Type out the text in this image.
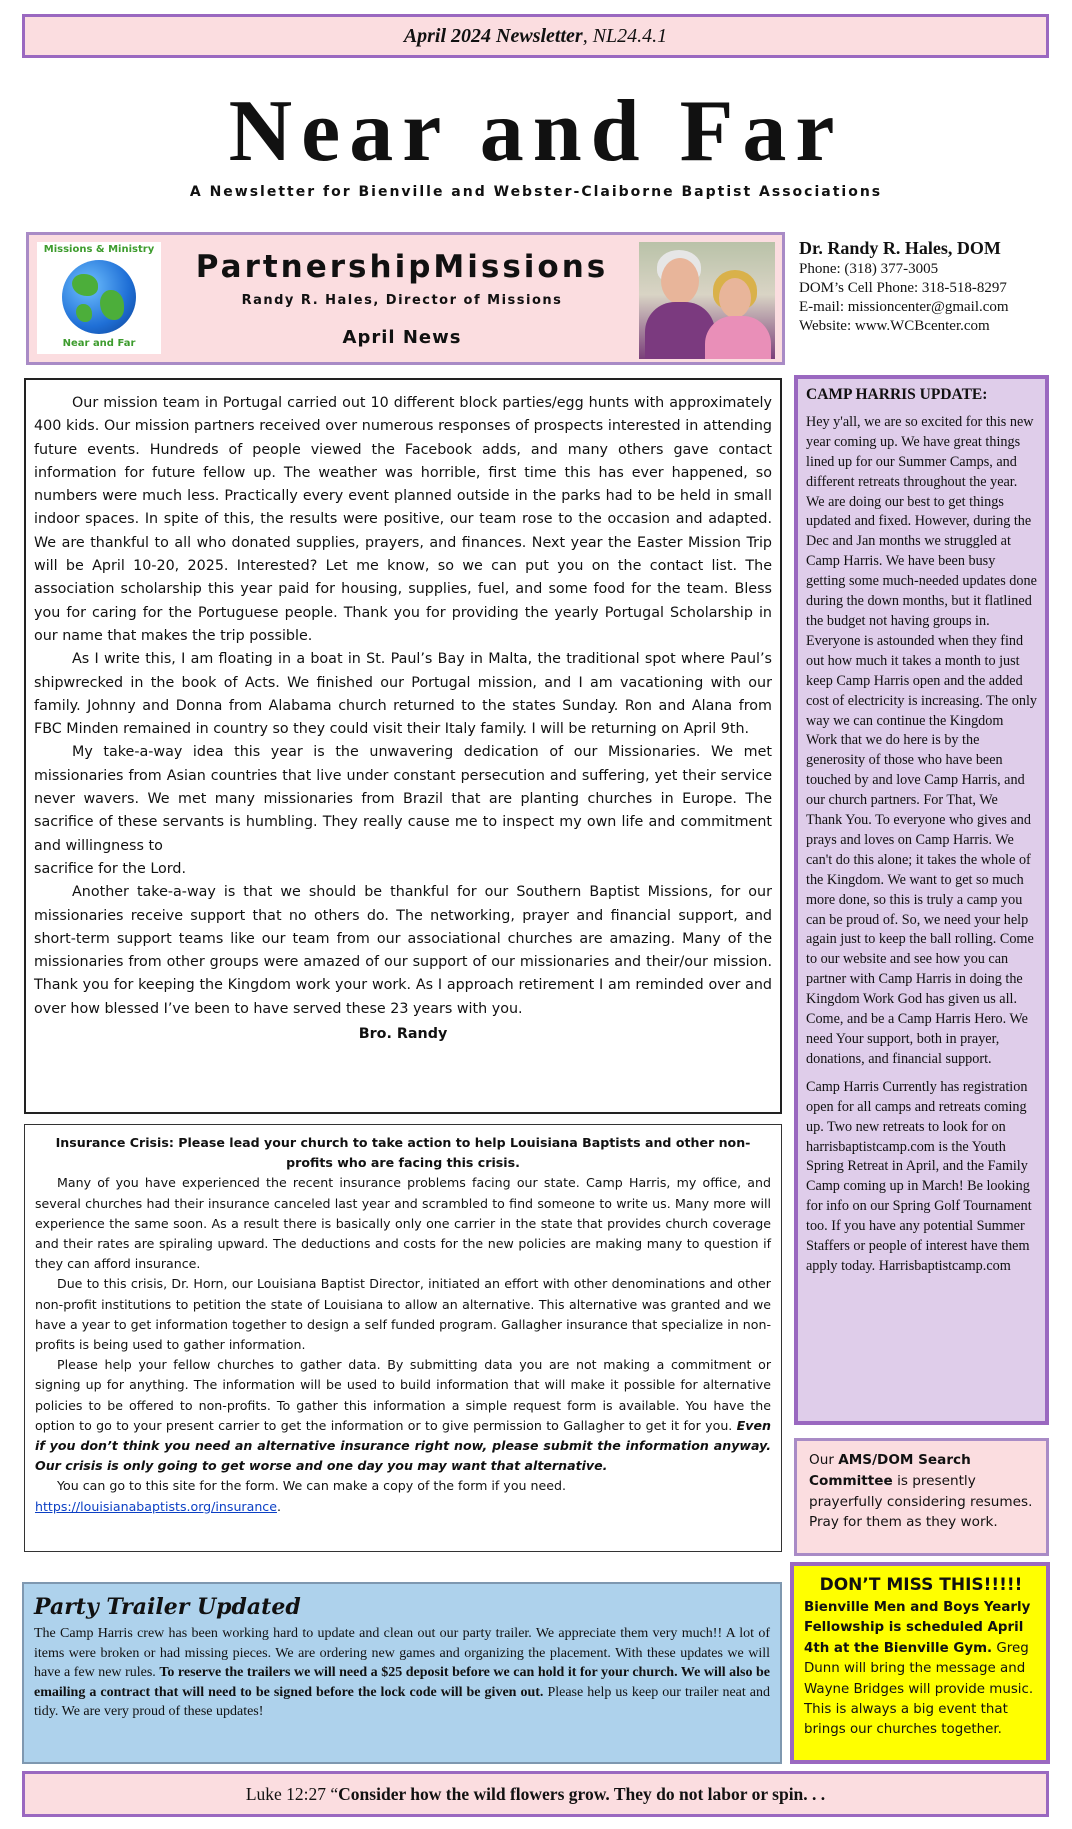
April 2024 Newsletter, NL24.4.1
Near and Far
A Newsletter for Bienville and Webster-Claiborne Baptist Associations
Missions & Ministry
Near and Far
PartnershipMissions
Randy R. Hales, Director of Missions
April News
Dr. Randy R. Hales, DOM
Phone: (318) 377-3005
DOM’s Cell Phone: 318-518-8297
E-mail: missioncenter@gmail.com
Website: www.WCBcenter.com

Our mission team in Portugal carried out 10 different block parties/egg hunts with approximately 400 kids. Our mission partners received over numerous responses of prospects interested in attending future events. Hundreds of people viewed the Facebook adds, and many others gave contact information for future fellow up. The weather was horrible, first time this has ever happened, so numbers were much less. Practically every event planned outside in the parks had to be held in small indoor spaces. In spite of this, the results were positive, our team rose to the occasion and adapted. We are thankful to all who donated supplies, prayers, and finances. Next year the Easter Mission Trip will be April 10-20, 2025. Interested? Let me know, so we can put you on the contact list. The association scholarship this year paid for housing, supplies, fuel, and some food for the team. Bless you for caring for the Portuguese people. Thank you for providing the yearly Portugal Scholarship in our name that makes the trip possible.

As I write this, I am floating in a boat in St. Paul’s Bay in Malta, the traditional spot where Paul’s shipwrecked in the book of Acts. We finished our Portugal mission, and I am vacationing with our family. Johnny and Donna from Alabama church returned to the states Sunday. Ron and Alana from FBC Minden remained in country so they could visit their Italy family. I will be returning on April 9th.

My take-a-way idea this year is the unwavering dedication of our Missionaries. We met missionaries from Asian countries that live under constant persecution and suffering, yet their service never wavers. We met many missionaries from Brazil that are planting churches in Europe. The sacrifice of these servants is humbling. They really cause me to inspect my own life and commitment and willingness to

sacrifice for the Lord.

Another take-a-way is that we should be thankful for our Southern Baptist Missions, for our missionaries receive support that no others do. The networking, prayer and financial support, and short-term support teams like our team from our associational churches are amazing. Many of the missionaries from other groups were amazed of our support of our missionaries and their/our mission. Thank you for keeping the Kingdom work your work. As I approach retirement I am reminded over and over how blessed I’ve been to have served these 23 years with you.

Bro. Randy

Insurance Crisis: Please lead your church to take action to help Louisiana Baptists and other non-profits who are facing this crisis.

Many of you have experienced the recent insurance problems facing our state. Camp Harris, my office, and several churches had their insurance canceled last year and scrambled to find someone to write us. Many more will experience the same soon. As a result there is basically only one carrier in the state that provides church coverage and their rates are spiraling upward. The deductions and costs for the new policies are making many to question if they can afford insurance.

Due to this crisis, Dr. Horn, our Louisiana Baptist Director, initiated an effort with other denominations and other non-profit institutions to petition the state of Louisiana to allow an alternative. This alternative was granted and we have a year to get information together to design a self funded program. Gallagher insurance that specialize in non-profits is being used to gather information.

Please help your fellow churches to gather data. By submitting data you are not making a commitment or signing up for anything. The information will be used to build information that will make it possible for alternative policies to be offered to non-profits. To gather this information a simple request form is available. You have the option to go to your present carrier to get the information or to give permission to Gallagher to get it for you. Even if you don’t think you need an alternative insurance right now, please submit the information anyway. Our crisis is only going to get worse and one day you may want that alternative.

You can go to this site for the form. We can make a copy of the form if you need.

https://louisianabaptists.org/insurance.
Party Trailer Updated
The Camp Harris crew has been working hard to update and clean out our party trailer. We appreciate them very much!! A lot of items were broken or had missing pieces. We are ordering new games and organizing the placement. With these updates we will have a few new rules. To reserve the trailers we will need a $25 deposit before we can hold it for your church. We will also be emailing a contract that will need to be signed before the lock code will be given out. Please help us keep our trailer neat and tidy. We are very proud of these updates!
CAMP HARRIS UPDATE:

Hey y'all, we are so excited for this new year coming up. We have great things lined up for our Summer Camps, and different retreats throughout the year. We are doing our best to get things updated and fixed. However, during the Dec and Jan months we struggled at Camp Harris. We have been busy getting some much-needed updates done during the down months, but it flatlined the budget not having groups in. Everyone is astounded when they find out how much it takes a month to just keep Camp Harris open and the added cost of electricity is increasing. The only way we can continue the Kingdom Work that we do here is by the generosity of those who have been touched by and love Camp Harris, and our church partners. For That, We Thank You. To everyone who gives and prays and loves on Camp Harris. We can't do this alone; it takes the whole of the Kingdom. We want to get so much more done, so this is truly a camp you can be proud of. So, we need your help again just to keep the ball rolling. Come to our website and see how you can partner with Camp Harris in doing the Kingdom Work God has given us all. Come, and be a Camp Harris Hero. We need Your support, both in prayer, donations, and financial support.

Camp Harris Currently has registration open for all camps and retreats coming up. Two new retreats to look for on harrisbaptistcamp.com is the Youth Spring Retreat in April, and the Family Camp coming up in March! Be looking for info on our Spring Golf Tournament too. If you have any potential Summer Staffers or people of interest have them apply today. Harrisbaptistcamp.com

Our AMS/DOM Search Committee is presently prayerfully considering resumes. Pray for them as they work.
DON’T MISS THIS!!!!!
Bienville Men and Boys Yearly Fellowship is scheduled April 4th at the Bienville Gym. Greg Dunn will bring the message and Wayne Bridges will provide music. This is always a big event that brings our churches together.
Luke 12:27 “Consider how the wild flowers grow. They do not labor or spin. . .
